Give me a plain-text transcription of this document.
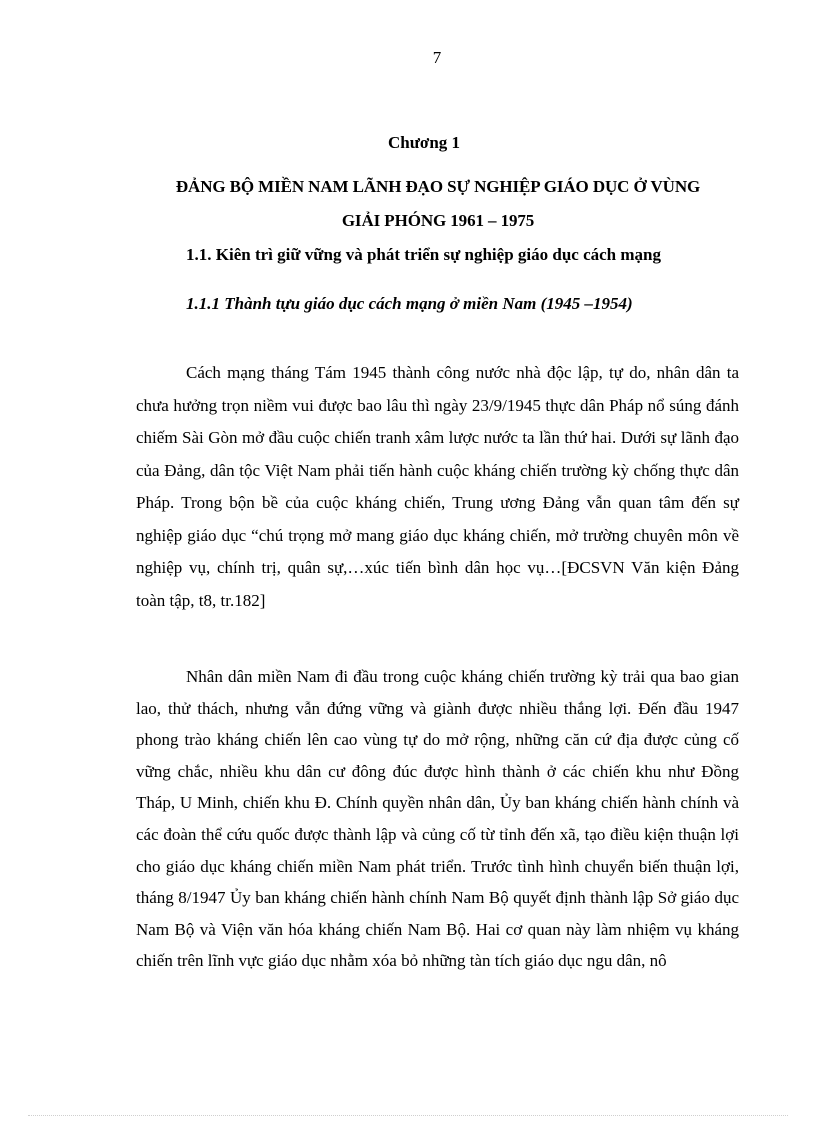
7
Chương 1
ĐẢNG BỘ MIỀN NAM LÃNH ĐẠO SỰ NGHIỆP GIÁO DỤC Ở VÙNG
GIẢI PHÓNG 1961 – 1975
1.1. Kiên trì giữ vững và phát triển sự nghiệp giáo dục cách mạng
1.1.1 Thành tựu giáo dục cách mạng ở miền Nam (1945 –1954)

Cách mạng tháng Tám 1945 thành công nước nhà độc lập, tự do, nhân dân ta chưa hưởng trọn niềm vui được bao lâu thì ngày 23/9/1945 thực dân Pháp nổ súng đánh chiếm Sài Gòn mở đầu cuộc chiến tranh xâm lược nước ta lần thứ hai. Dưới sự lãnh đạo của Đảng, dân tộc Việt Nam phải tiến hành cuộc kháng chiến trường kỳ chống thực dân Pháp. Trong bộn bề của cuộc kháng chiến, Trung ương Đảng vẫn quan tâm đến sự nghiệp giáo dục “chú trọng mở mang giáo dục kháng chiến, mở trường chuyên môn về nghiệp vụ, chính trị, quân sự,…xúc tiến bình dân học vụ…[ĐCSVN Văn kiện Đảng toàn tập, t8, tr.182]

Nhân dân miền Nam đi đầu trong cuộc kháng chiến trường kỳ trải qua bao gian lao, thử thách, nhưng vẫn đứng vững và giành được nhiều thắng lợi. Đến đầu 1947 phong trào kháng chiến lên cao vùng tự do mở rộng, những căn cứ địa được củng cố vững chắc, nhiều khu dân cư đông đúc được hình thành ở các chiến khu như Đồng Tháp, U Minh, chiến khu Đ. Chính quyền nhân dân, Ủy ban kháng chiến hành chính và các đoàn thể cứu quốc được thành lập và củng cố từ tỉnh đến xã, tạo điều kiện thuận lợi cho giáo dục kháng chiến miền Nam phát triển. Trước tình hình chuyển biến thuận lợi, tháng 8/1947 Ủy ban kháng chiến hành chính Nam Bộ quyết định thành lập Sở giáo dục Nam Bộ và Viện văn hóa kháng chiến Nam Bộ. Hai cơ quan này làm nhiệm vụ kháng chiến trên lĩnh vực giáo dục nhằm xóa bỏ những tàn tích giáo dục ngu dân, nô
